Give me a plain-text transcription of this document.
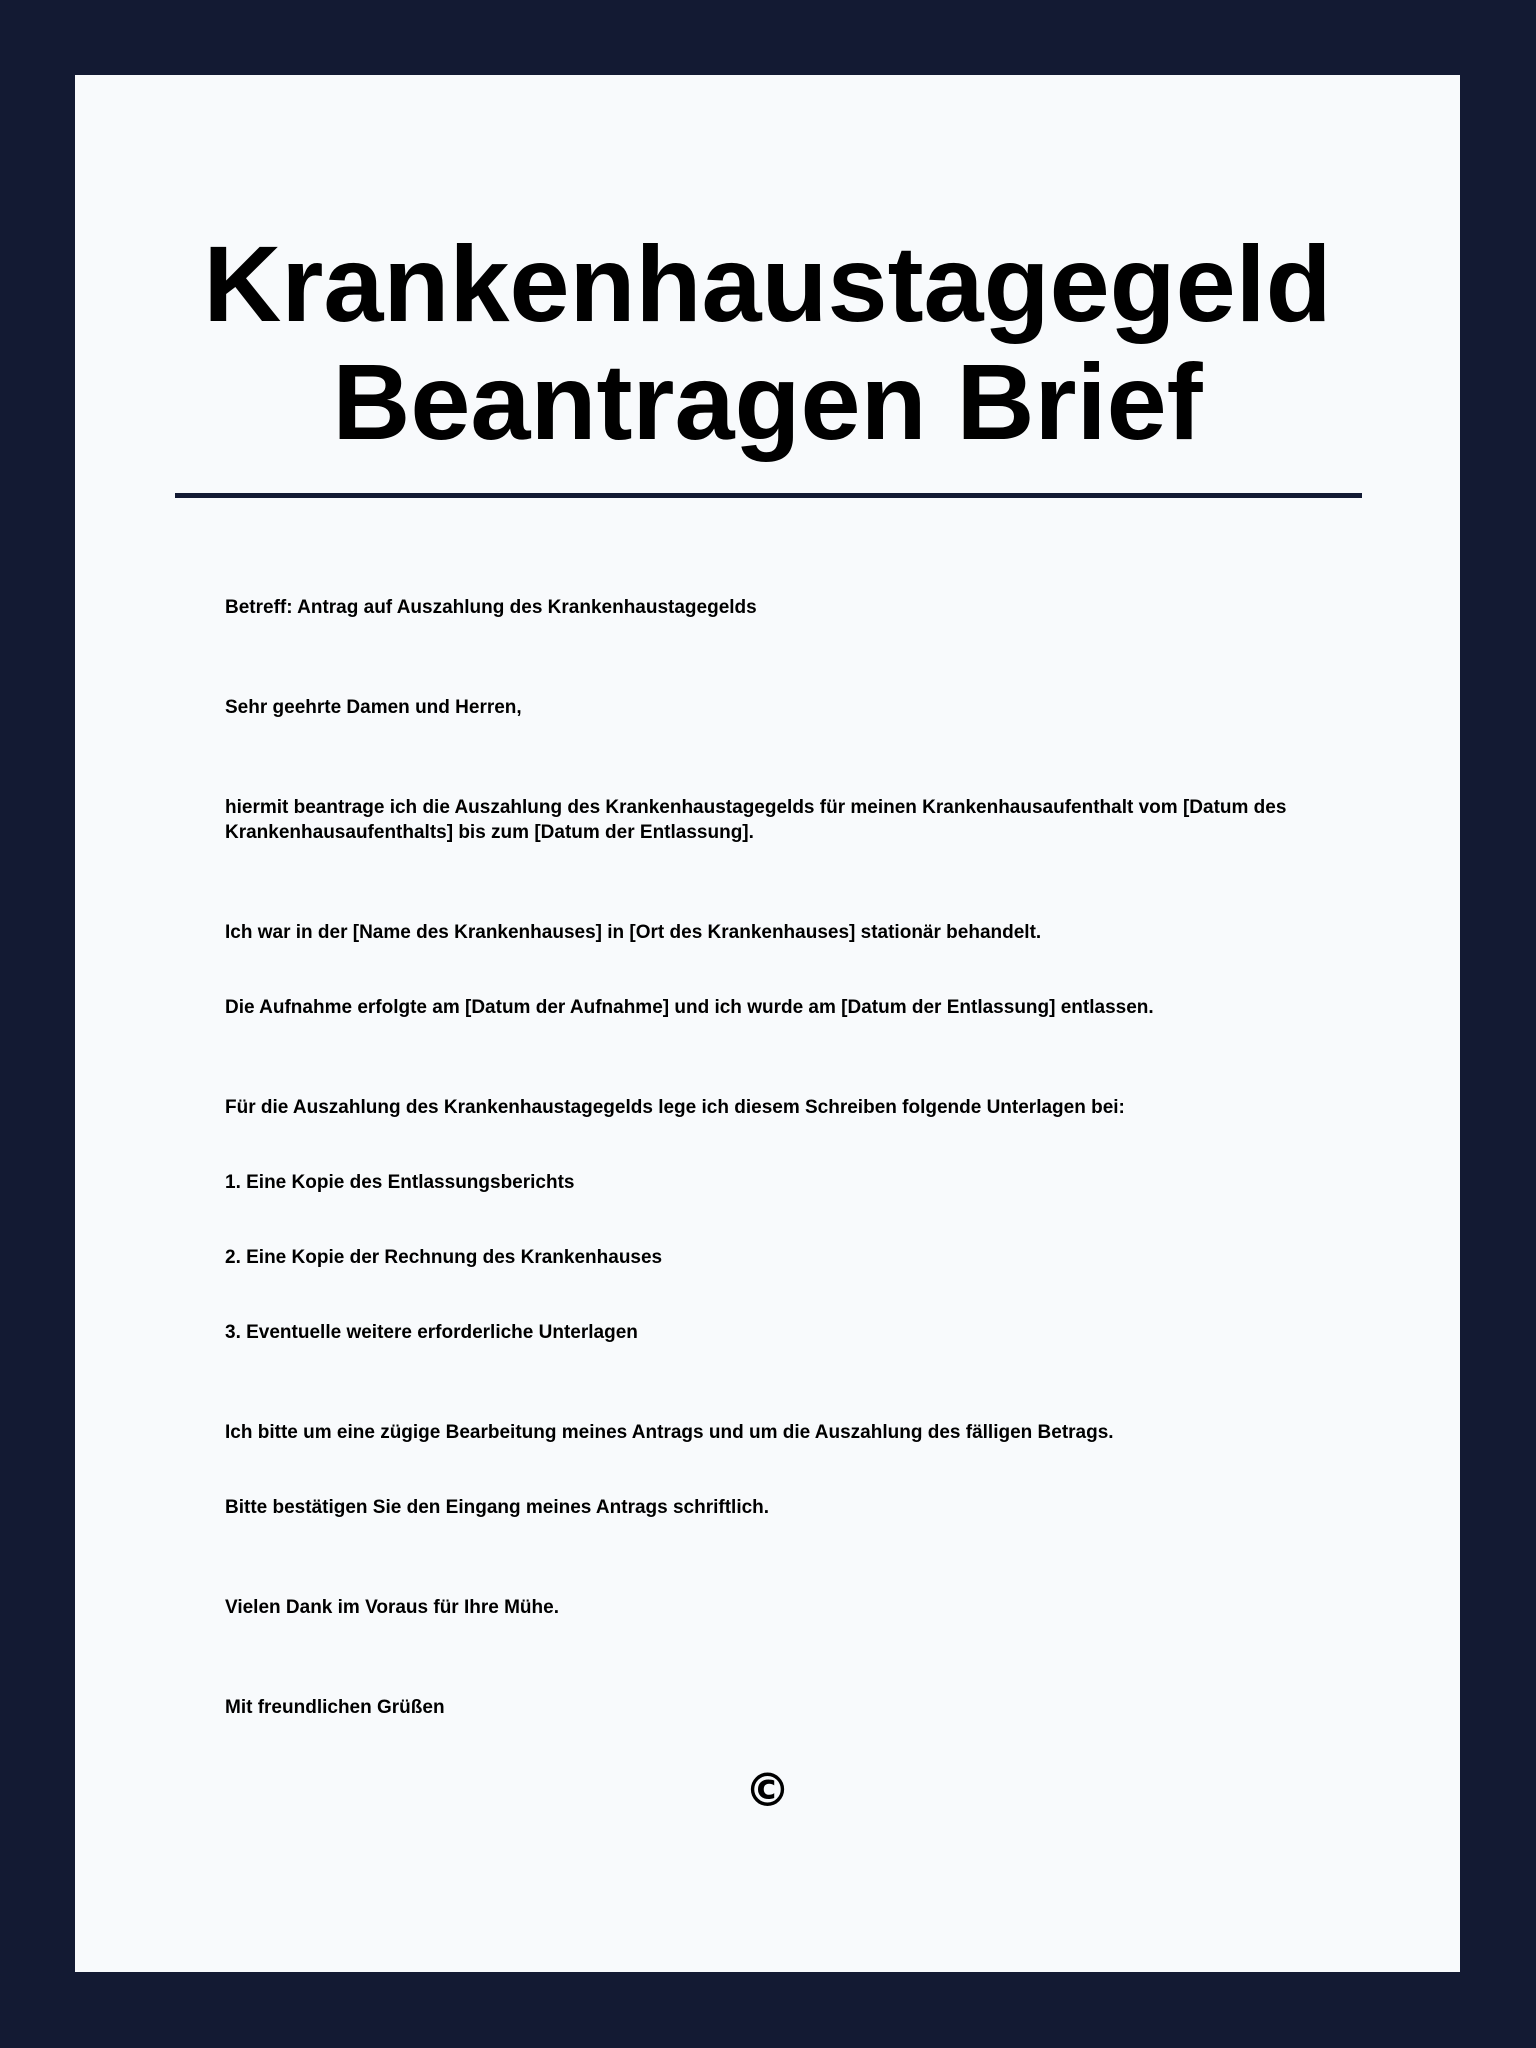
Krankenhaustagegeld
Beantragen Brief

Betreff: Antrag auf Auszahlung des Krankenhaustagegelds

Sehr geehrte Damen und Herren,

hiermit beantrage ich die Auszahlung des Krankenhaustagegelds für meinen Krankenhausaufenthalt vom [Datum des Krankenhausaufenthalts] bis zum [Datum der Entlassung].

Ich war in der [Name des Krankenhauses] in [Ort des Krankenhauses] stationär behandelt.

Die Aufnahme erfolgte am [Datum der Aufnahme] und ich wurde am [Datum der Entlassung] entlassen.

Für die Auszahlung des Krankenhaustagegelds lege ich diesem Schreiben folgende Unterlagen bei:

1. Eine Kopie des Entlassungsberichts

2. Eine Kopie der Rechnung des Krankenhauses

3. Eventuelle weitere erforderliche Unterlagen

Ich bitte um eine zügige Bearbeitung meines Antrags und um die Auszahlung des fälligen Betrags.

Bitte bestätigen Sie den Eingang meines Antrags schriftlich.

Vielen Dank im Voraus für Ihre Mühe.

Mit freundlichen Grüßen

©
